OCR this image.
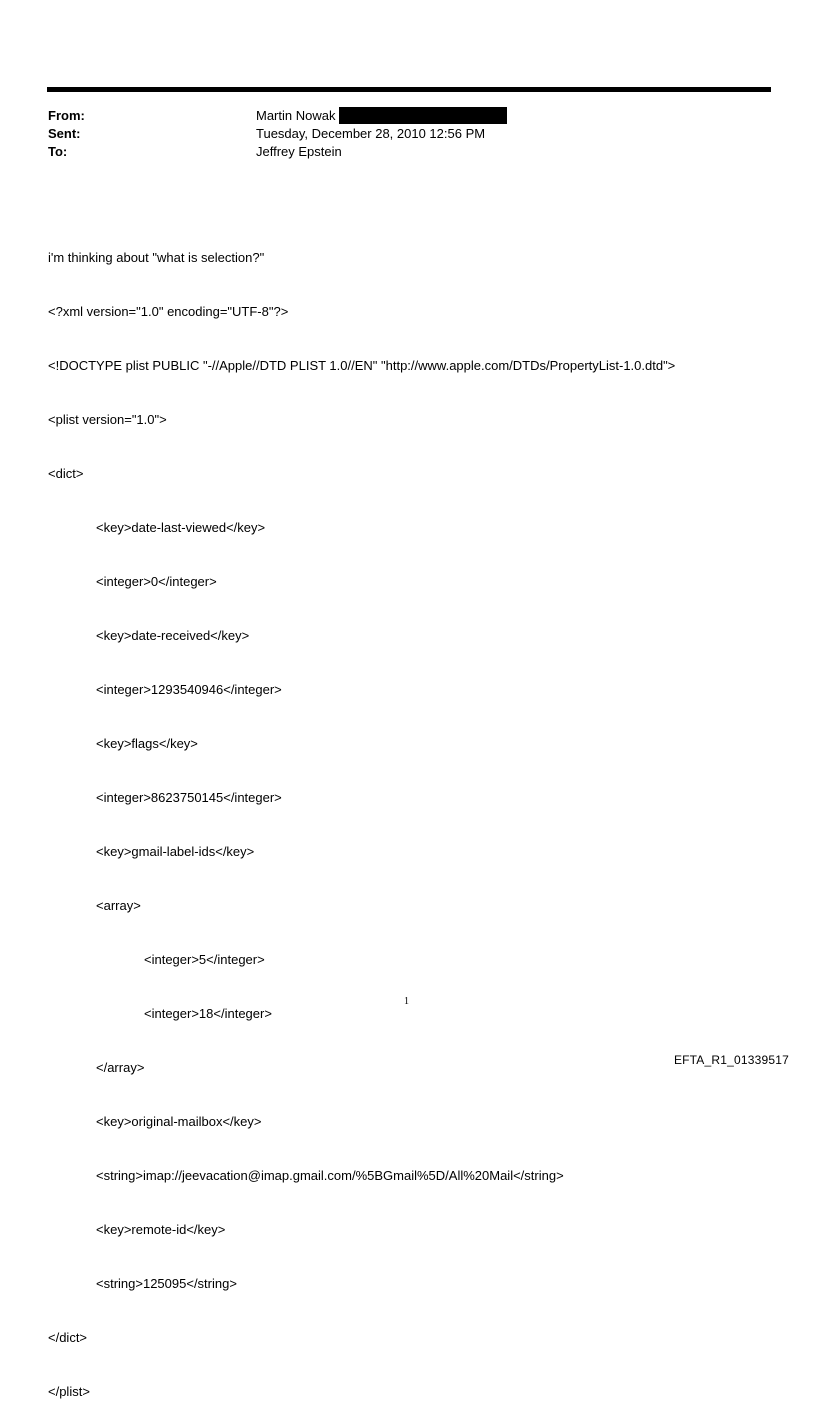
From:	Martin Nowak
Sent:	Tuesday, December 28, 2010 12:56 PM
To:	Jeffrey Epstein

i'm thinking about "what is selection?"

<?xml version="1.0" encoding="UTF-8"?>

<!DOCTYPE plist PUBLIC "-//Apple//DTD PLIST 1.0//EN" "http://www.apple.com/DTDs/PropertyList-1.0.dtd">

<plist version="1.0">

<dict>

<key>date-last-viewed</key>

<integer>0</integer>

<key>date-received</key>

<integer>1293540946</integer>

<key>flags</key>

<integer>8623750145</integer>

<key>gmail-label-ids</key>

<array>

<integer>5</integer>

<integer>18</integer>

</array>

<key>original-mailbox</key>

<string>imap://jeevacation@imap.gmail.com/%5BGmail%5D/All%20Mail</string>

<key>remote-id</key>

<string>125095</string>

</dict>

</plist>

1
EFTA_R1_01339517
